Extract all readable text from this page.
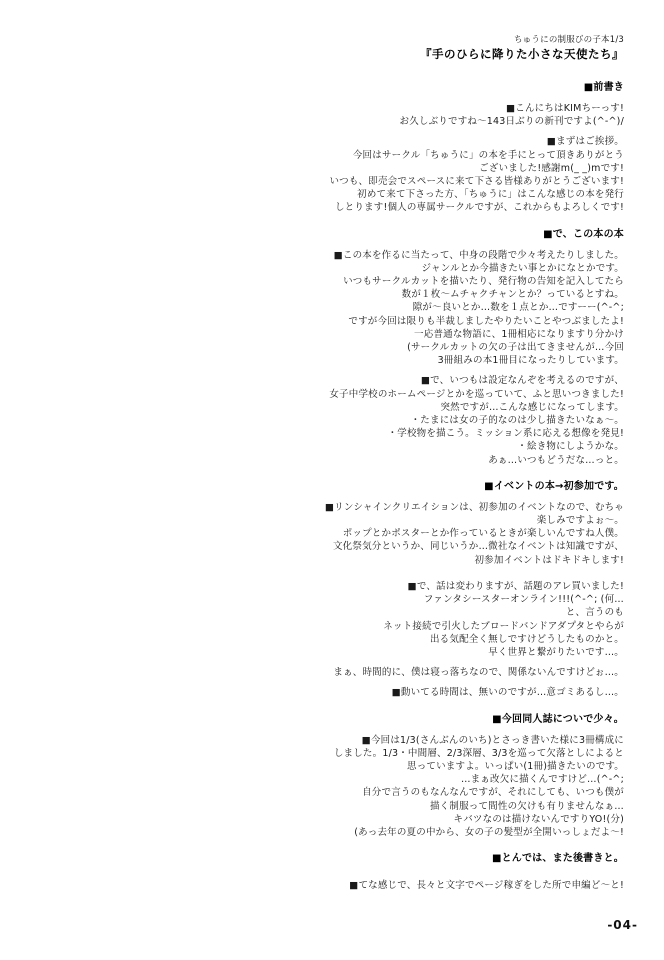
ちゅうにの制服びの子本1/3
『手のひらに降りた小さな天使たち』
■前書き
■こんにちはKIMちーっす!
お久しぶりですね〜143日ぶりの新刊ですよ(^-^)/
■まずはご挨拶。
今回はサークル「ちゅうに」の本を手にとって頂きありがとう
ございました!感謝m(_ _)mです!
いつも、即売会でスペースに来て下さる皆様ありがとうございます!
初めて来て下さった方、「ちゅうに」はこんな感じの本を発行
しとります!個人の専属サークルですが、これからもよろしくです!
■で、この本の本
■この本を作るに当たって、中身の段階で少々考えたりしました。
ジャンルとか今描きたい事とかになとかです。
いつもサークルカットを描いたり、発行物の告知を記入してたら
数が１枚〜ムチャクチャンとか？っているとすね。
隙が〜良いとか…数を１点とか…ですーー(^-^;
ですが今回は限りも半裁しましたやりたいことやつぶましたよ!
一応普通な物語に、1冊相応になりますり分かけ
(サークルカットの欠の子は出てきませんが…今回
3冊組みの本1冊目になったりしています。
■で、いつもは設定なんぞを考えるのですが、
女子中学校のホームページとかを巡っていて、ふと思いつきました!
突然ですが…こんな感じになってします。
・たまには女の子的なのは少し描きたいなぁ〜。
・学校物を描こう。ミッション系に応える想像を発見!
・絵き物にしようかな。
あぁ…いつもどうだな…っと。
■イベントの本→初参加です。
■リンシャインクリエイションは、初参加のイベントなので、むちゃ
楽しみですよぉ〜。
ポップとかポスターとか作っているときが楽しいんですね人僕。
文化祭気分というか、同じいうか…微社なイベントは知識ですが、
初参加イベントはドキドキします!
■で、話は変わりますが、話題のアレ買いました!
ファンタシースターオンライン!!!(^-^; (何…
と、言うのも
ネット接続で引火したブロードバンドアダプタとやらが
出る気配全く無しですけどうしたものかと。
早く世界と繋がりたいです…。
まぁ、時間的に、僕は寝っ落ちなので、関係ないんですけどぉ…。
■動いてる時間は、無いのですが…意ゴミあるし…。
■今回同人誌についで少々。
■今回は1/3(さんぶんのいち)とさっき書いた様に3冊構成に
しました。1/3・中間層、2/3深層、3/3を巡って欠落としによると
思っていますよ。いっぱい(1冊)描きたいのです。
…まぁ改欠に描くんですけど…(^-^;
自分で言うのもなんなんですが、それにしても、いつも僕が
描く制服って間性の欠けも有りませんなぁ…
キバツなのは描けないんですりYO!(分)
(あっ去年の夏の中から、女の子の髪型が全開いっしょだよ〜!
■とんでは、また後書きと。
■てな感じで、長々と文字でページ稼ぎをした所で申編ど〜と!
-04-
